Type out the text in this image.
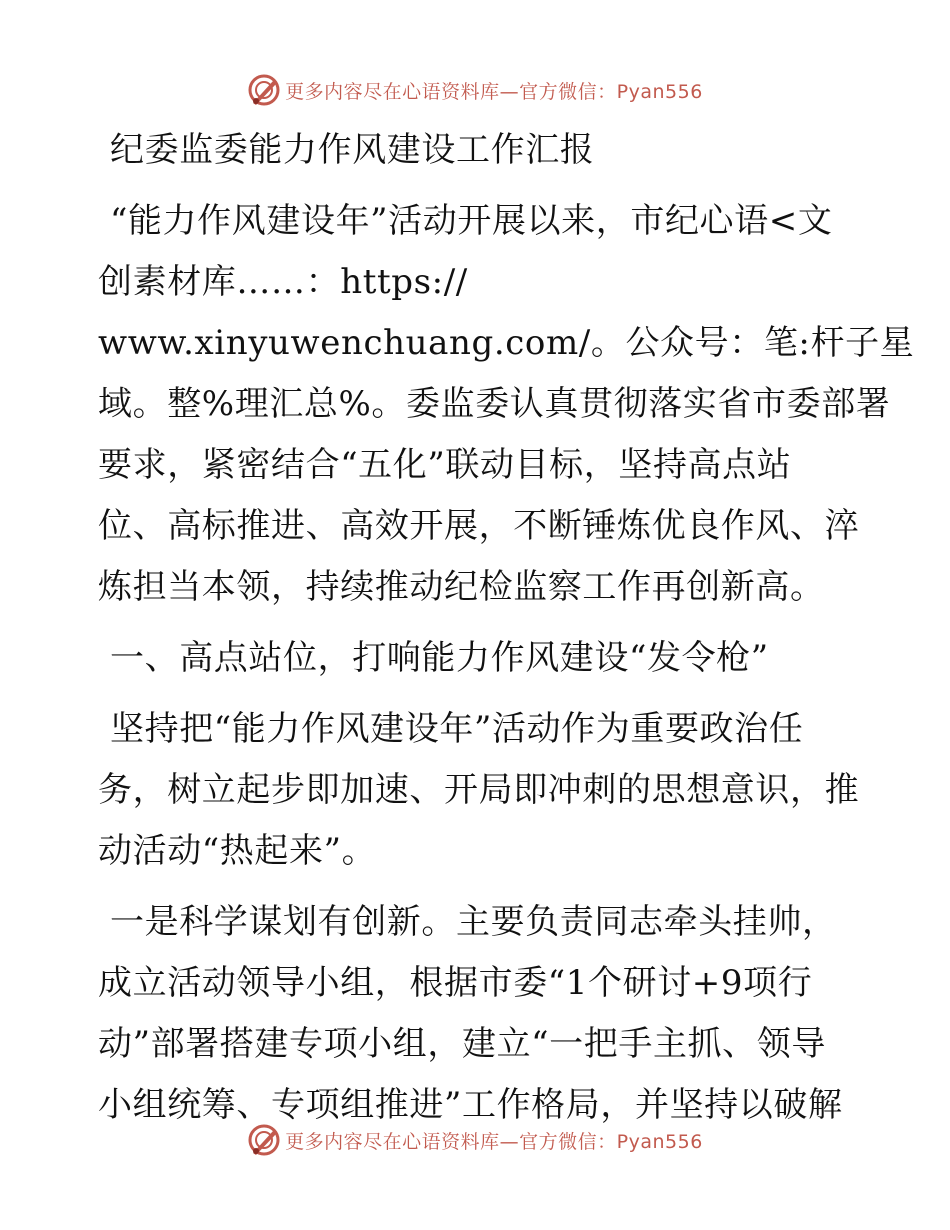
更多内容尽在心语资料库—官方微信：Pyan556
纪委监委能力作风建设工作汇报
“能力作风建设年”活动开展以来，市纪心语<文
创素材库……：https://
www.xinyuwenchuang.com/。公众号：笔:杆子星
域。整%理汇总%。委监委认真贯彻落实省市委部署
要求，紧密结合“五化”联动目标，坚持高点站
位、高标推进、高效开展，不断锤炼优良作风、淬
炼担当本领，持续推动纪检监察工作再创新高。
一、高点站位，打响能力作风建设“发令枪”
坚持把“能力作风建设年”活动作为重要政治任
务，树立起步即加速、开局即冲刺的思想意识，推
动活动“热起来”。
一是科学谋划有创新。主要负责同志牵头挂帅，
成立活动领导小组，根据市委“1个研讨+9项行
动”部署搭建专项小组，建立“一把手主抓、领导
小组统筹、专项组推进”工作格局，并坚持以破解
更多内容尽在心语资料库—官方微信：Pyan556
